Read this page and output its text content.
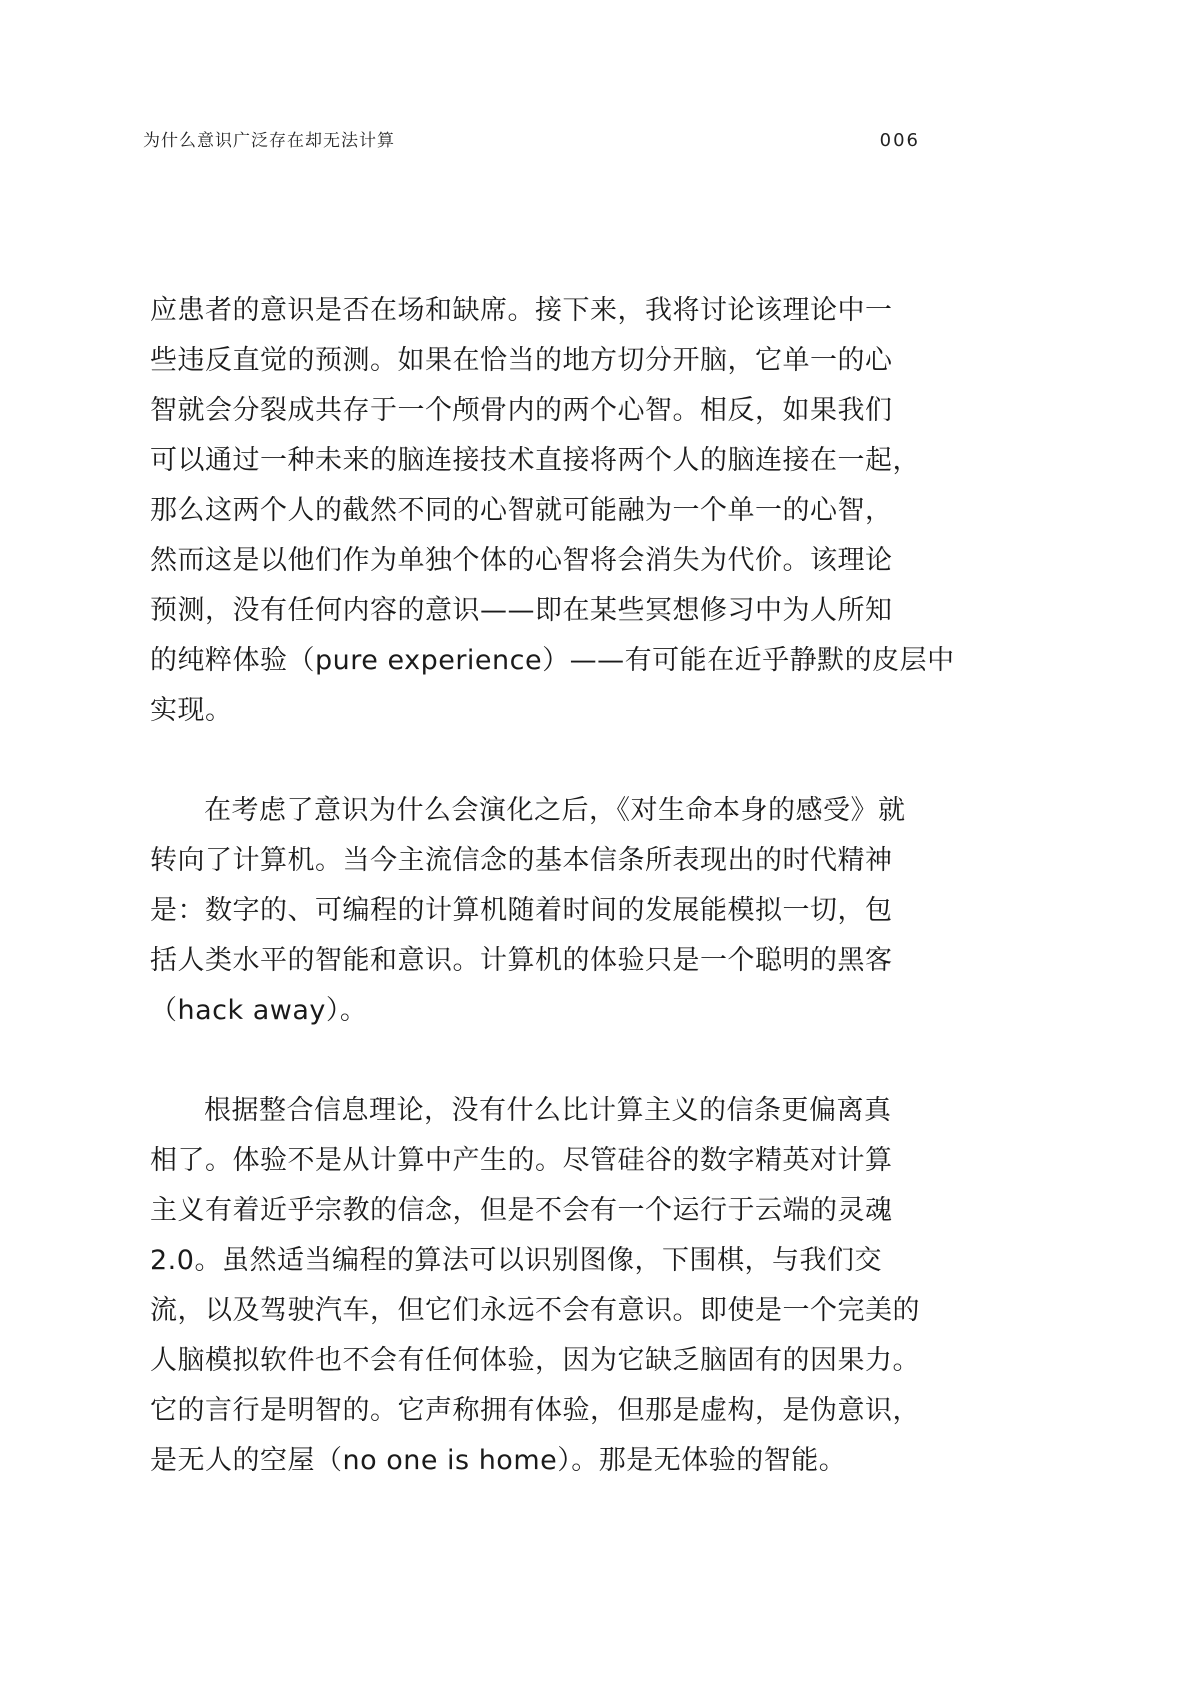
为什么意识广泛存在却无法计算	006

应患者的意识是否在场和缺席。接下来，我将讨论该理论中一
些违反直觉的预测。如果在恰当的地方切分开脑，它单一的心
智就会分裂成共存于一个颅骨内的两个心智。相反，如果我们
可以通过一种未来的脑连接技术直接将两个人的脑连接在一起，
那么这两个人的截然不同的心智就可能融为一个单一的心智，
然而这是以他们作为单独个体的心智将会消失为代价。该理论
预测，没有任何内容的意识——即在某些冥想修习中为人所知
的纯粹体验（pure experience）——有可能在近乎静默的皮层中
实现。

在考虑了意识为什么会演化之后，《对生命本身的感受》就
转向了计算机。当今主流信念的基本信条所表现出的时代精神
是：数字的、可编程的计算机随着时间的发展能模拟一切，包
括人类水平的智能和意识。计算机的体验只是一个聪明的黑客
（hack away）。

根据整合信息理论，没有什么比计算主义的信条更偏离真
相了。体验不是从计算中产生的。尽管硅谷的数字精英对计算
主义有着近乎宗教的信念，但是不会有一个运行于云端的灵魂
2.0。虽然适当编程的算法可以识别图像，下围棋，与我们交
流，以及驾驶汽车，但它们永远不会有意识。即使是一个完美的
人脑模拟软件也不会有任何体验，因为它缺乏脑固有的因果力。
它的言行是明智的。它声称拥有体验，但那是虚构，是伪意识，
是无人的空屋（no one is home）。那是无体验的智能。
